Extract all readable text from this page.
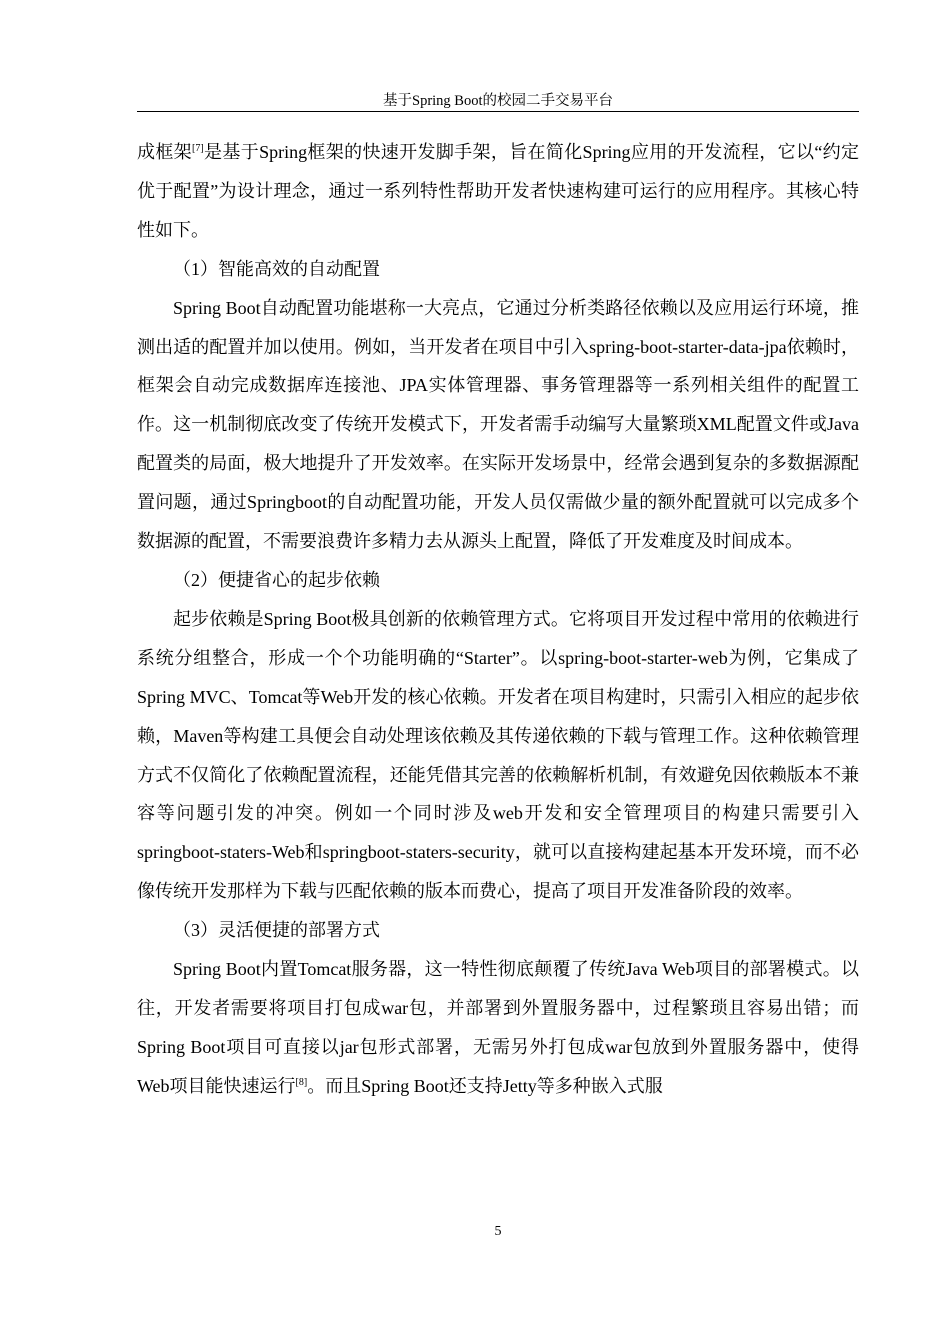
基于Spring Boot的校园二手交易平台

成框架[7]是基于Spring框架的快速开发脚手架，旨在简化Spring应用的开发流程，它以“约定优于配置”为设计理念，通过一系列特性帮助开发者快速构建可运行的应用程序。其核心特性如下。

（1）智能高效的自动配置

Spring Boot自动配置功能堪称一大亮点，它通过分析类路径依赖以及应用运行环境，推测出适的配置并加以使用。例如，当开发者在项目中引入spring-boot-starter-data-jpa依赖时，框架会自动完成数据库连接池、JPA实体管理器、事务管理器等一系列相关组件的配置工作。这一机制彻底改变了传统开发模式下，开发者需手动编写大量繁琐XML配置文件或Java配置类的局面，极大地提升了开发效率。在实际开发场景中，经常会遇到复杂的多数据源配置问题，通过Springboot的自动配置功能，开发人员仅需做少量的额外配置就可以完成多个数据源的配置，不需要浪费许多精力去从源头上配置，降低了开发难度及时间成本。

（2）便捷省心的起步依赖

起步依赖是Spring Boot极具创新的依赖管理方式。它将项目开发过程中常用的依赖进行系统分组整合，形成一个个功能明确的“Starter”。以spring-boot-starter-web为例，它集成了Spring MVC、Tomcat等Web开发的核心依赖。开发者在项目构建时，只需引入相应的起步依赖，Maven等构建工具便会自动处理该依赖及其传递依赖的下载与管理工作。这种依赖管理方式不仅简化了依赖配置流程，还能凭借其完善的依赖解析机制，有效避免因依赖版本不兼容等问题引发的冲突。例如一个同时涉及web开发和安全管理项目的构建只需要引入springboot-staters-Web和springboot-staters-security，就可以直接构建起基本开发环境，而不必像传统开发那样为下载与匹配依赖的版本而费心，提高了项目开发准备阶段的效率。

（3）灵活便捷的部署方式

Spring Boot内置Tomcat服务器，这一特性彻底颠覆了传统Java Web项目的部署模式。以往，开发者需要将项目打包成war包，并部署到外置服务器中，过程繁琐且容易出错；而Spring Boot项目可直接以jar包形式部署，无需另外打包成war包放到外置服务器中，使得Web项目能快速运行[8]。而且Spring Boot还支持Jetty等多种嵌入式服

5
